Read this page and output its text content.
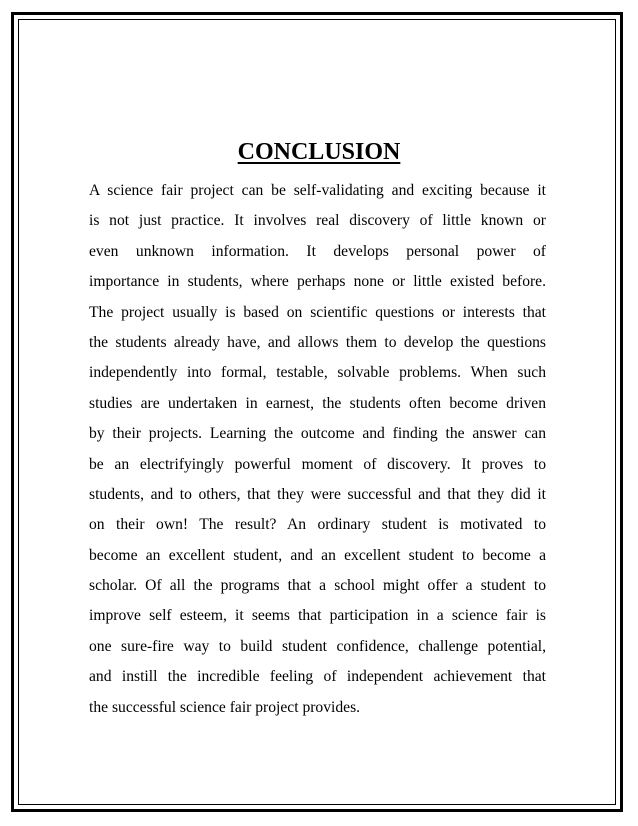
CONCLUSION
A science fair project can be self-validating and exciting because it
is not just practice. It involves real discovery of little known or
even unknown information. It develops personal power of
importance in students, where perhaps none or little existed before.
The project usually is based on scientific questions or interests that
the students already have, and allows them to develop the questions
independently into formal, testable, solvable problems. When such
studies are undertaken in earnest, the students often become driven
by their projects. Learning the outcome and finding the answer can
be an electrifyingly powerful moment of discovery. It proves to
students, and to others, that they were successful and that they did it
on their own! The result? An ordinary student is motivated to
become an excellent student, and an excellent student to become a
scholar. Of all the programs that a school might offer a student to
improve self esteem, it seems that participation in a science fair is
one sure-fire way to build student confidence, challenge potential,
and instill the incredible feeling of independent achievement that
the successful science fair project provides.
